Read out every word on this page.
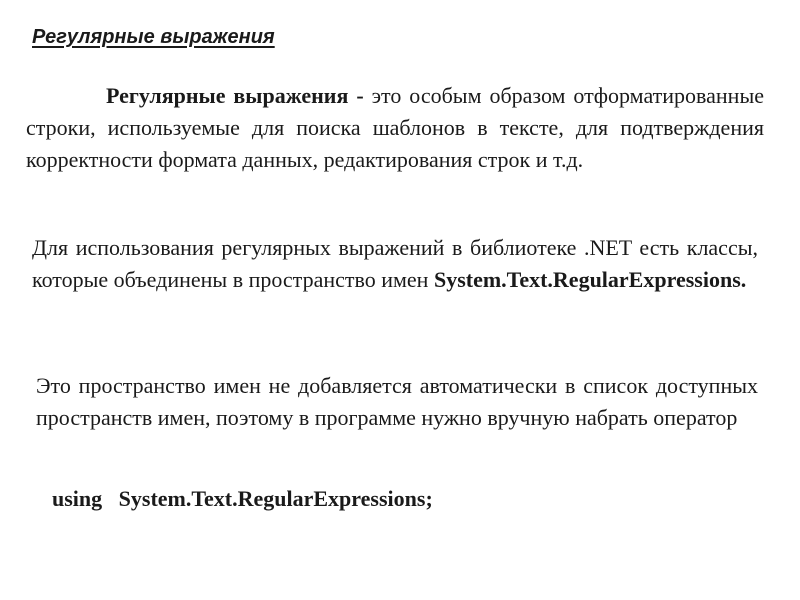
Регулярные выражения

Регулярные выражения - это особым образом отформатированные строки, используемые для поиска шаблонов в тексте, для подтверждения корректности формата данных, редактирования строк и т.д.

Для использования регулярных выражений в библиотеке .NET есть классы, которые объединены в пространство имен System.Text.RegularExpressions.

Это пространство имен не добавляется автоматически в список доступных пространств имен, поэтому в программе нужно вручную набрать оператор

using System.Text.RegularExpressions;
